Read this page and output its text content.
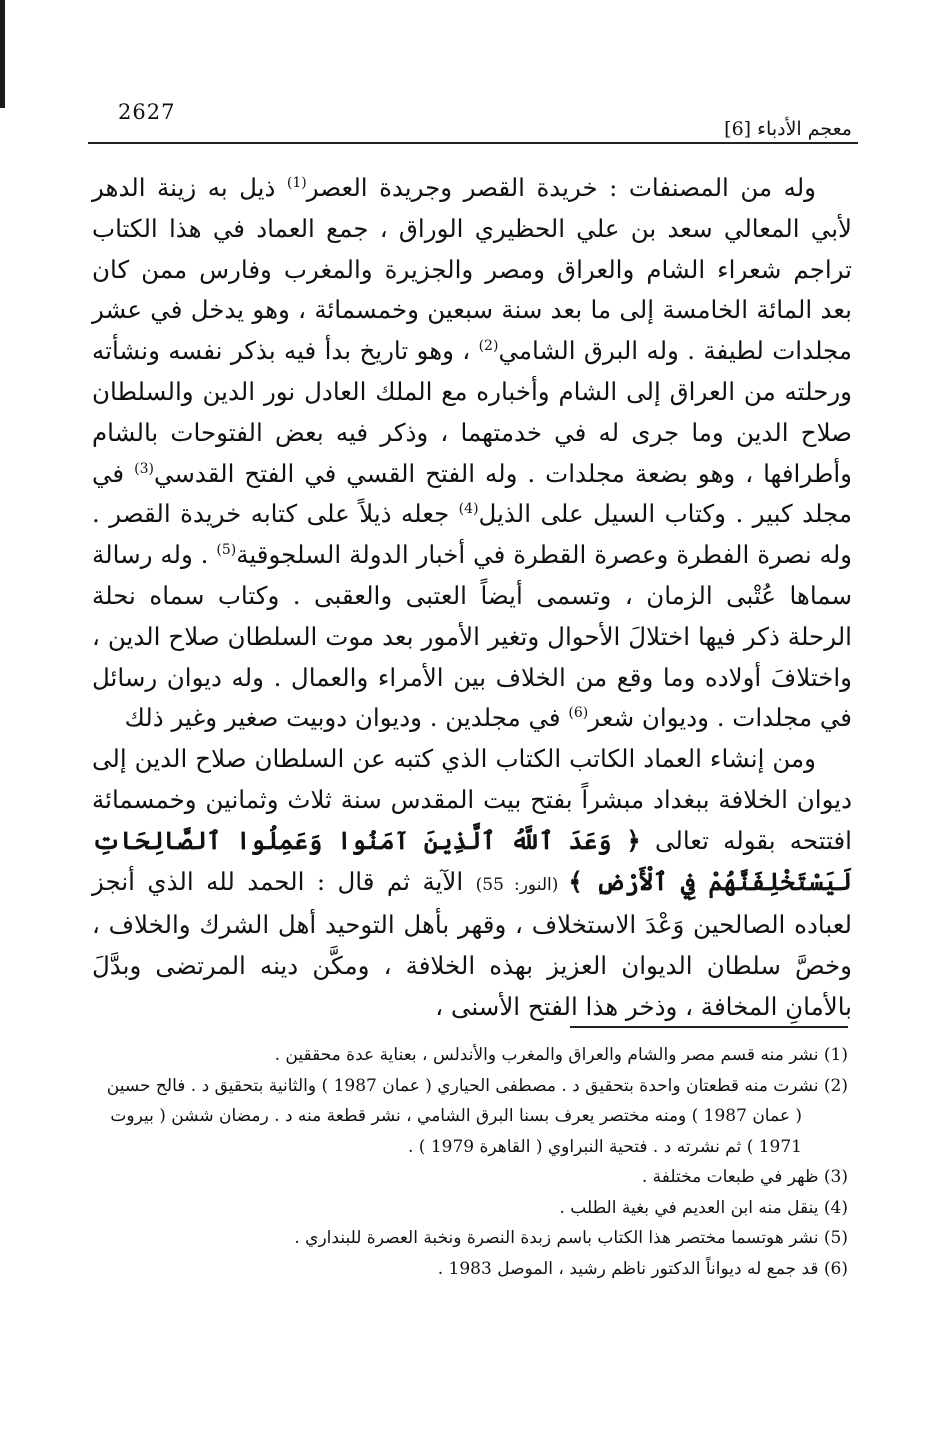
2627
معجم الأدباء [6]

وله من المصنفات : خريدة القصر وجريدة العصر$^{(1)}$ ذيل به زينة الدهر لأبي المعالي سعد بن علي الحظيري الوراق ، جمع العماد في هذا الكتاب تراجم شعراء الشام والعراق ومصر والجزيرة والمغرب وفارس ممن كان بعد المائة الخامسة إلى ما بعد سنة سبعين وخمسمائة ، وهو يدخل في عشر مجلدات لطيفة . وله البرق الشامي$^{(2)}$ ، وهو تاريخ بدأ فيه بذكر نفسه ونشأته ورحلته من العراق إلى الشام وأخباره مع الملك العادل نور الدين والسلطان صلاح الدين وما جرى له في خدمتهما ، وذكر فيه بعض الفتوحات بالشام وأطرافها ، وهو بضعة مجلدات . وله الفتح القسي في الفتح القدسي$^{(3)}$ في مجلد كبير . وكتاب السيل على الذيل$^{(4)}$ جعله ذيلاً على كتابه خريدة القصر . وله نصرة الفطرة وعصرة القطرة في أخبار الدولة السلجوقية$^{(5)}$ . وله رسالة سماها عُتْبى الزمان ، وتسمى أيضاً العتبى والعقبى . وكتاب سماه نحلة الرحلة ذكر فيها اختلالَ الأحوال وتغير الأمور بعد موت السلطان صلاح الدين ، واختلافَ أولاده وما وقع من الخلاف بين الأمراء والعمال . وله ديوان رسائل في مجلدات . وديوان شعر$^{(6)}$ في مجلدين . وديوان دوبيت صغير وغير ذلك

ومن إنشاء العماد الكاتب الكتاب الذي كتبه عن السلطان صلاح الدين إلى ديوان الخلافة ببغداد مبشراً بفتح بيت المقدس سنة ثلاث وثمانين وخمسمائة افتتحه بقوله تعالى ﴿ وَعَدَ ٱللَّهُ ٱلَّذِينَ آمَنُوا وَعَمِلُوا ٱلصَّالِحَاتِ لَيَسْتَخْلِفَنَّهُمْ فِي ٱلْأَرْضِ ﴾ (النور: 55) الآية ثم قال : الحمد لله الذي أنجز لعباده الصالحين وَعْدَ الاستخلاف ، وقهر بأهل التوحيد أهل الشرك والخلاف ، وخصَّ سلطان الديوان العزيز بهذه الخلافة ، ومكَّن دينه المرتضى وبدَّلَ بالأمانِ المخافة ، وذخر هذا الفتح الأسنى ،

(1) نشر منه قسم مصر والشام والعراق والمغرب والأندلس ، بعناية عدة محققين .

(2) نشرت منه قطعتان واحدة بتحقيق د . مصطفى الحياري ( عمان 1987 ) والثانية بتحقيق د . فالح حسين

( عمان 1987 ) ومنه مختصر يعرف بسنا البرق الشامي ، نشر قطعة منه د . رمضان ششن ( بيروت

1971 ) ثم نشرته د . فتحية النبراوي ( القاهرة 1979 ) .

(3) ظهر في طبعات مختلفة .

(4) ينقل منه ابن العديم في بغية الطلب .

(5) نشر هوتسما مختصر هذا الكتاب باسم زبدة النصرة ونخبة العصرة للبنداري .

(6) قد جمع له ديواناً الدكتور ناظم رشيد ، الموصل 1983 .
